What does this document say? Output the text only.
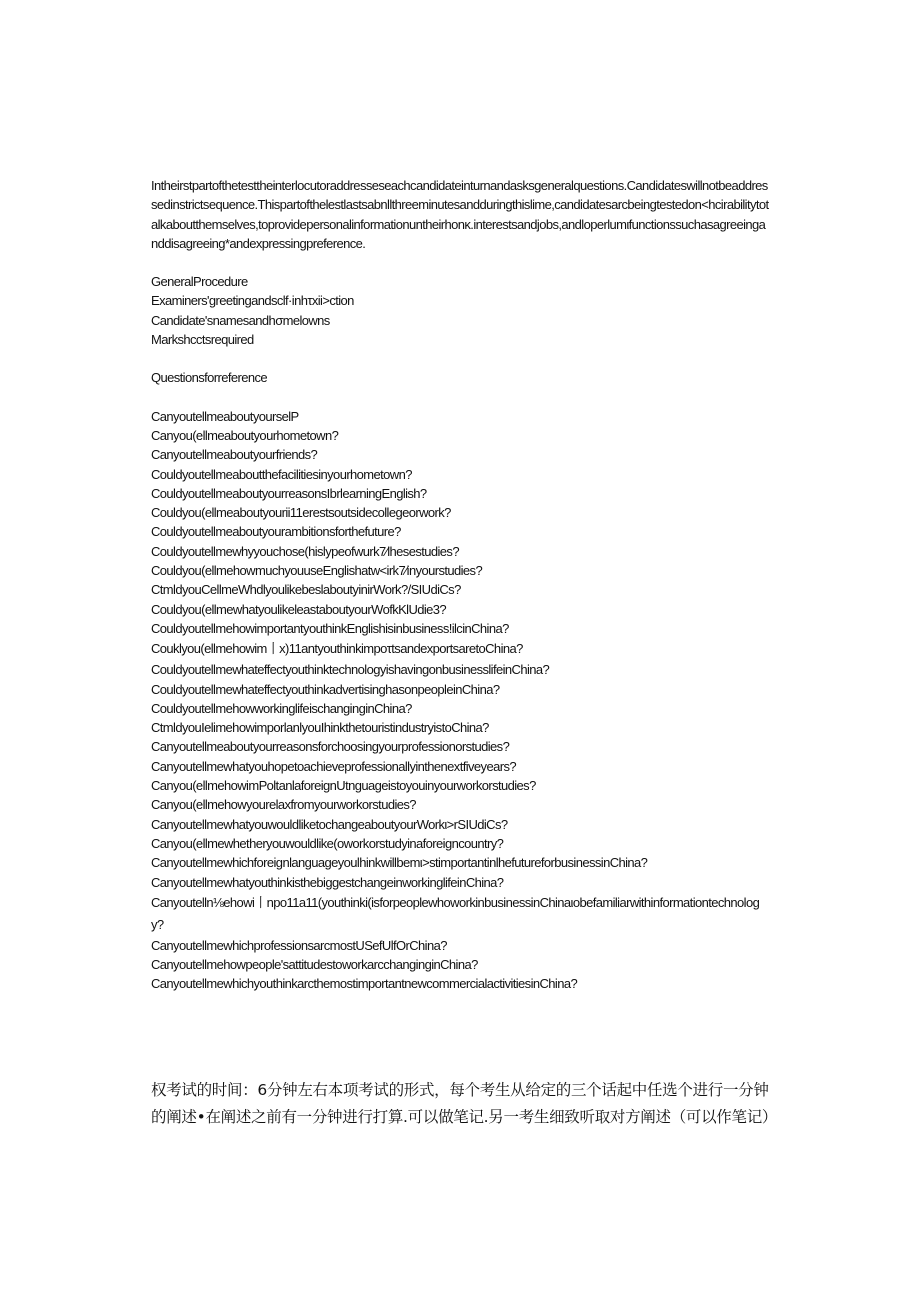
Intheirstpartofthetesttheinterlocutoraddresseseachcandidateinturnandasksgeneralquestions.Candidateswillnotbeaddressedinstrictsequence.Thispartofthelestlastsabnllthreeminutesandduringthislime,candidatesarcbeingtestedon<hcirabilitytotalkaboutthemselves,toprovidepersonalinformationuntheirhonκ.interestsandjobs,andloperlumιfunctionssuchasagreeinganddisagreeing*andexpressingpreference.

GeneralProcedure
Examiners'greetingandsclf·inhτxii>ction
Candidate'snamesandhσmelowns
Markshcctsrequired
Questionsforreference
CanyoutellmeaboutyourselP
Canyou(ellmeaboutyourhometown?
Canyoutellmeaboutyourfriends?
Couldyoutellmeaboutthefacilitiesinyourhometown?
CouldyoutellmeaboutyourreasonsIbrlearningEnglish?
Couldyou(ellmeaboutyourii11erestsoutsidecollegeorwork?
Couldyoutellmeaboutyourambitionsforthefuture?
Couldyoutellmewhyyouchose(hislypeofwurk7∕lhesestudies?
Couldyou(ellmehowmuchyouuseEnglishatw<irk7∕inyourstudies?
CtmldyouCellmeWhdlyoulikebeslaboutyinirWork?/SIUdiCs?
Couldyou(ellmewhatyoulikeleastaboutyourWofkKlUdie3?
CouldyoutellmehowimportantyouthinkEnglishisinbusiness!ilcinChina?
Couklyou(ellmehowim丨x)11antyouthinkimpoτtsandexportsaretoChina?
CouldyoutellmewhateffectyouthinktechnologyishavingonbusinesslifeinChina?
CouldyoutellmewhateffectyouthinkadvertisinghasonpeopleinChina?
CouldyoutellmehowworkinglifeischanginginChina?
CtmldyouIelimehowimporlanlyouIhinkthetouristindustryistoChina?
Canyoutellmeaboutyourreasonsforchoosingyourprofessionorstudies?
Canyoutellmewhatyouhopetoachieveprofessionallyinthenextfiveyears?
Canyou(ellmehowimPoltanlaforeignUtnguageistoyouinyourworkorstudies?
Canyou(ellmehowyourelaxfromyourworkorstudies?
CanyoutellmewhatyouwouldliketochangeaboutyourWorkι>rSIUdiCs?
Canyou(ellmewhetheryouwouldlike(oworkorstudyinaforeigncountry?
Canyoutellmewhichforeignlanguageyoulhinkwillbemι>stimportantinlhefutureforbusinessinChina?
CanyoutellmewhatyouthinkisthebiggestchangeinworkinglifeinChina?
Canyoutelln⅛ehowi丨npo11a11(youthinki(isforpeoplewhoworkinbusinessinChinaιobefamiliarwithinformationtechnology?
CanyoutellmewhichprofessionsarcmostUSefUlfOrChina?
Canyoutellmehowpeople'sattitudestoworkarcchanginginChina?
CanyoutellmewhichyouthinkarcthemostimportantnewcommercialactivitiesinChina?

权考试的时间：6分钟左右本项考试的形式，每个考生从给定的三个话起中任选个进行一分钟的阐述•在阐述之前有一分钟进行打算.可以做笔记.另一考生细致听取对方阐述（可以作笔记）
